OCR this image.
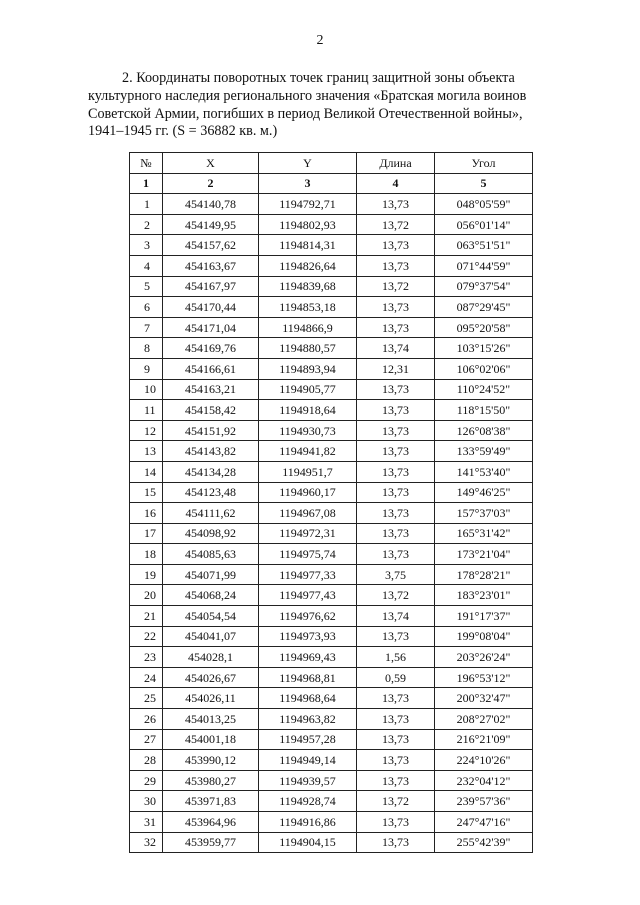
2
2. Координаты поворотных точек границ защитной зоны объекта
культурного наследия регионального значения «Братская могила воинов
Советской Армии, погибших в период Великой Отечественной войны»,
1941–1945 гг. (S = 36882 кв. м.)
№	X	Y	Длина	Угол
1	2	3	4	5
1	454140,78	1194792,71	13,73	048°05'59"
2	454149,95	1194802,93	13,72	056°01'14"
3	454157,62	1194814,31	13,73	063°51'51"
4	454163,67	1194826,64	13,73	071°44'59"
5	454167,97	1194839,68	13,72	079°37'54"
6	454170,44	1194853,18	13,73	087°29'45"
7	454171,04	1194866,9	13,73	095°20'58"
8	454169,76	1194880,57	13,74	103°15'26"
9	454166,61	1194893,94	12,31	106°02'06"
10	454163,21	1194905,77	13,73	110°24'52"
11	454158,42	1194918,64	13,73	118°15'50"
12	454151,92	1194930,73	13,73	126°08'38"
13	454143,82	1194941,82	13,73	133°59'49"
14	454134,28	1194951,7	13,73	141°53'40"
15	454123,48	1194960,17	13,73	149°46'25"
16	454111,62	1194967,08	13,73	157°37'03"
17	454098,92	1194972,31	13,73	165°31'42"
18	454085,63	1194975,74	13,73	173°21'04"
19	454071,99	1194977,33	3,75	178°28'21"
20	454068,24	1194977,43	13,72	183°23'01"
21	454054,54	1194976,62	13,74	191°17'37"
22	454041,07	1194973,93	13,73	199°08'04"
23	454028,1	1194969,43	1,56	203°26'24"
24	454026,67	1194968,81	0,59	196°53'12"
25	454026,11	1194968,64	13,73	200°32'47"
26	454013,25	1194963,82	13,73	208°27'02"
27	454001,18	1194957,28	13,73	216°21'09"
28	453990,12	1194949,14	13,73	224°10'26"
29	453980,27	1194939,57	13,73	232°04'12"
30	453971,83	1194928,74	13,72	239°57'36"
31	453964,96	1194916,86	13,73	247°47'16"
32	453959,77	1194904,15	13,73	255°42'39"
